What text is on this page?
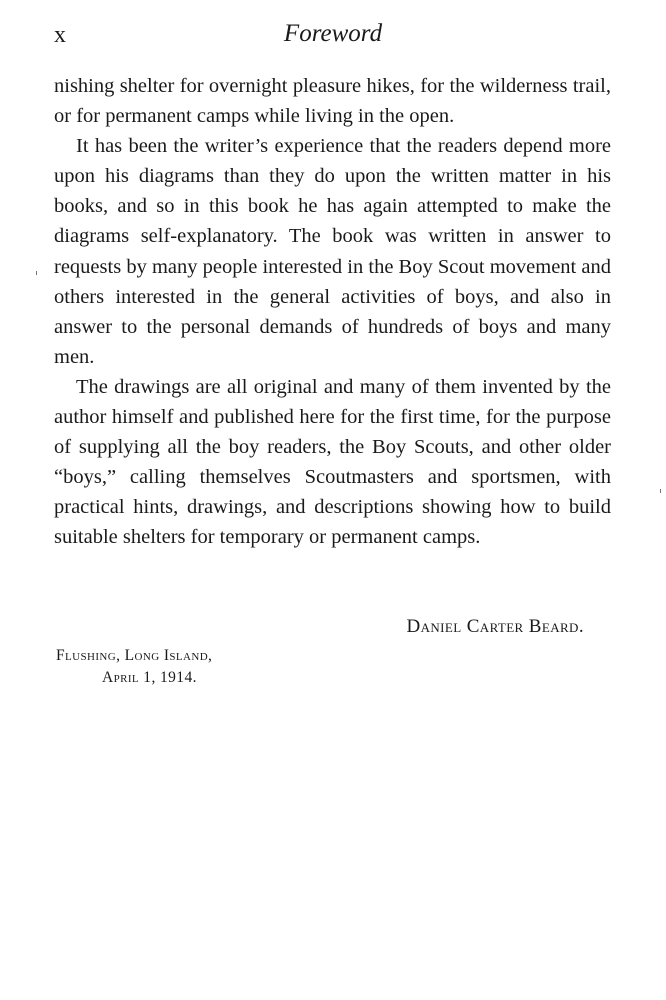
x	Foreword

nishing shelter for overnight pleasure hikes, for the wilderness trail, or for permanent camps while living in the open.

It has been the writer’s experience that the readers depend more upon his diagrams than they do upon the written matter in his books, and so in this book he has again attempted to make the diagrams self-explanatory. The book was written in answer to requests by many people interested in the Boy Scout movement and others interested in the general activities of boys, and also in answer to the personal demands of hundreds of boys and many men.

The drawings are all original and many of them invented by the author himself and published here for the first time, for the purpose of supplying all the boy readers, the Boy Scouts, and other older “boys,” calling themselves Scoutmasters and sportsmen, with practical hints, drawings, and descriptions showing how to build suitable shelters for temporary or permanent camps.

Daniel Carter Beard.
Flushing, Long Island,
April 1, 1914.
